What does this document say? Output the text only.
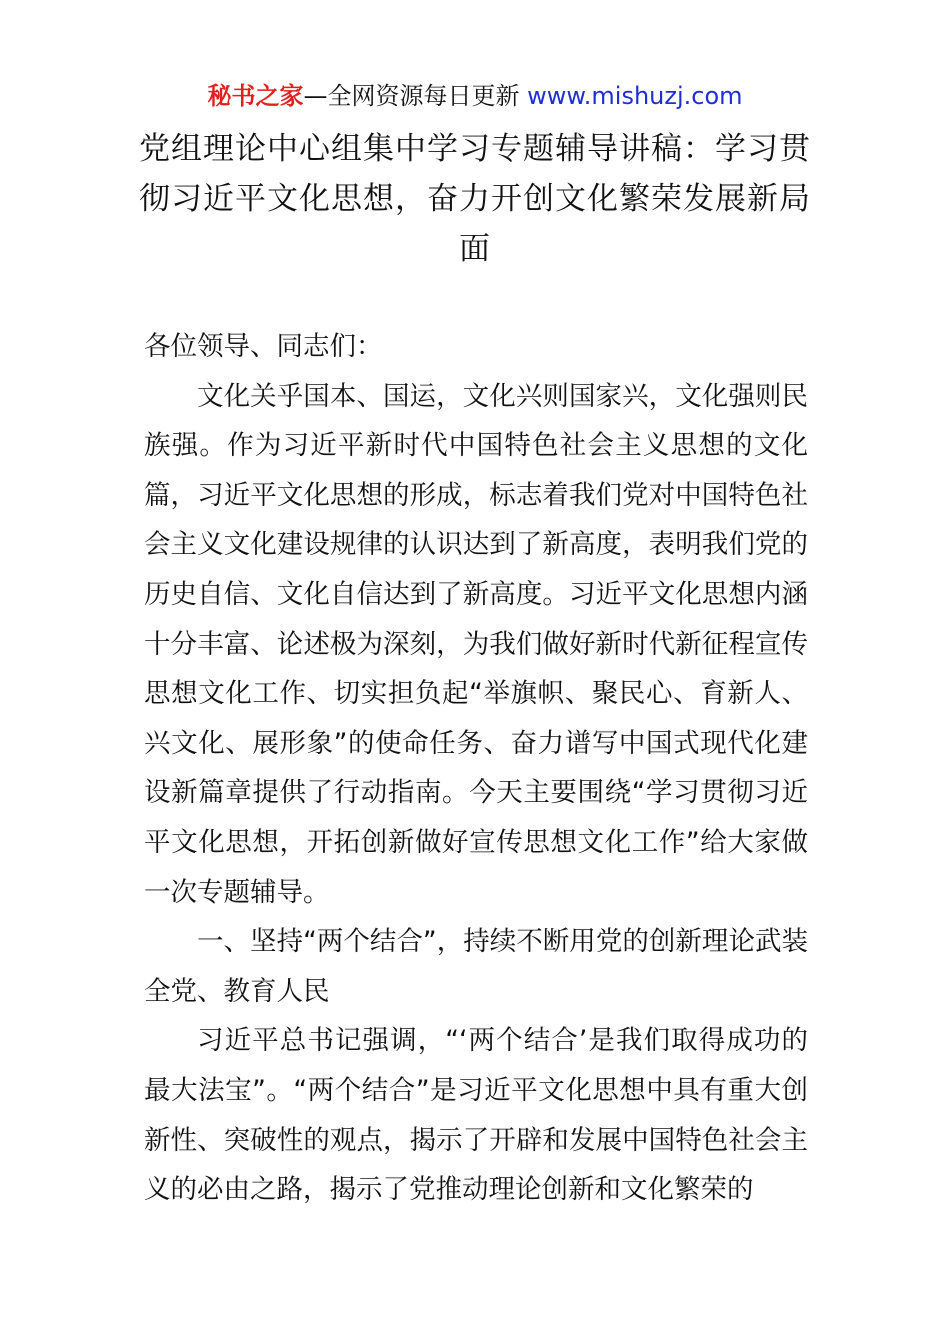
秘书之家—全网资源每日更新 www.mishuzj.com
党组理论中心组集中学习专题辅导讲稿：学习贯彻习近平文化思想，奋力开创文化繁荣发展新局面

各位领导、同志们：

文化关乎国本、国运，文化兴则国家兴，文化强则民族强。作为习近平新时代中国特色社会主义思想的文化篇，习近平文化思想的形成，标志着我们党对中国特色社会主义文化建设规律的认识达到了新高度，表明我们党的历史自信、文化自信达到了新高度。习近平文化思想内涵十分丰富、论述极为深刻，为我们做好新时代新征程宣传思想文化工作、切实担负起“举旗帜、聚民心、育新人、兴文化、展形象”的使命任务、奋力谱写中国式现代化建设新篇章提供了行动指南。今天主要围绕“学习贯彻习近平文化思想，开拓创新做好宣传思想文化工作”给大家做一次专题辅导。

一、坚持“两个结合”，持续不断用党的创新理论武装全党、教育人民

习近平总书记强调，“‘两个结合’是我们取得成功的最大法宝”。“两个结合”是习近平文化思想中具有重大创新性、突破性的观点，揭示了开辟和发展中国特色社会主义的必由之路，揭示了党推动理论创新和文化繁荣的
